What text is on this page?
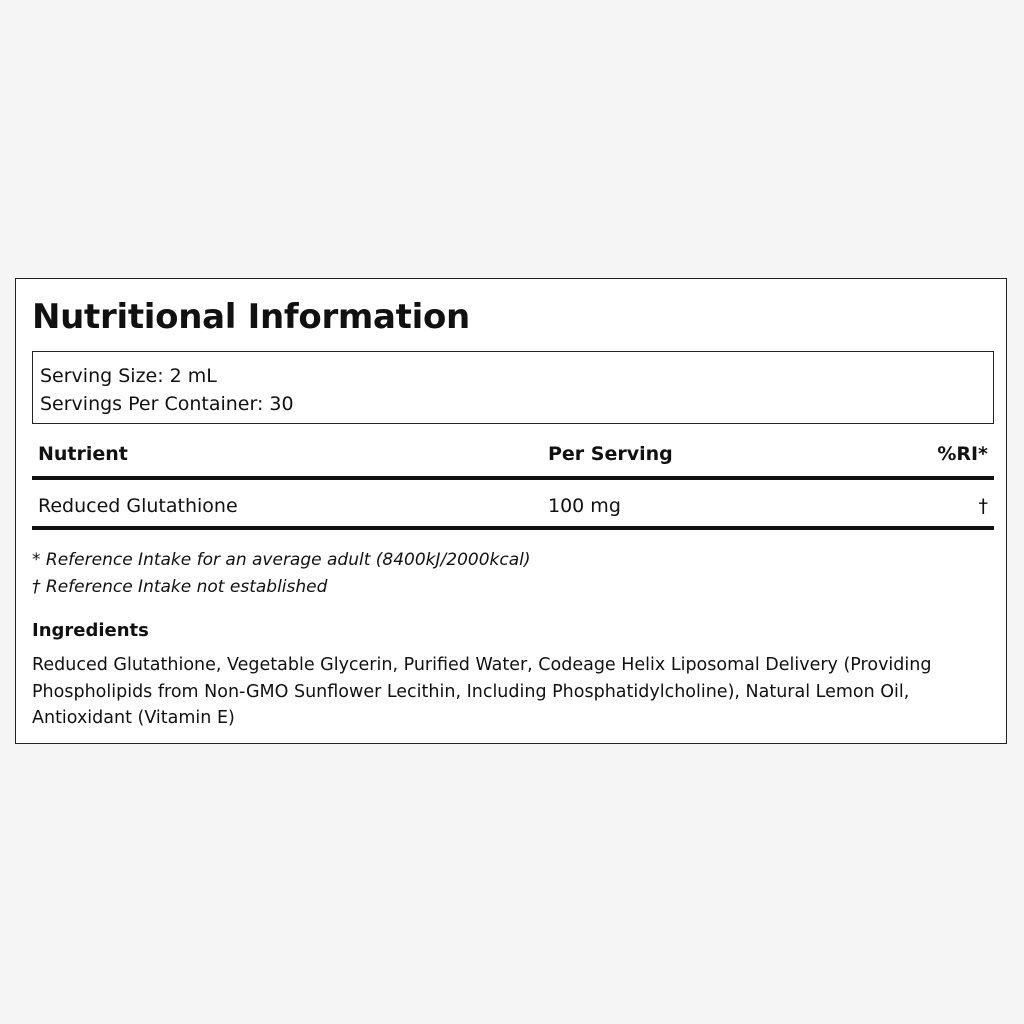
Nutritional Information
Serving Size: 2 mL
Servings Per Container: 30
Nutrient	Per Serving	%RI*
Reduced Glutathione	100 mg	†
* Reference Intake for an average adult (8400kJ/2000kcal)
† Reference Intake not established
Ingredients
Reduced Glutathione, Vegetable Glycerin, Purified Water, Codeage Helix Liposomal Delivery (Providing Phospholipids from Non-GMO Sunflower Lecithin, Including Phosphatidylcholine), Natural Lemon Oil, Antioxidant (Vitamin E)
